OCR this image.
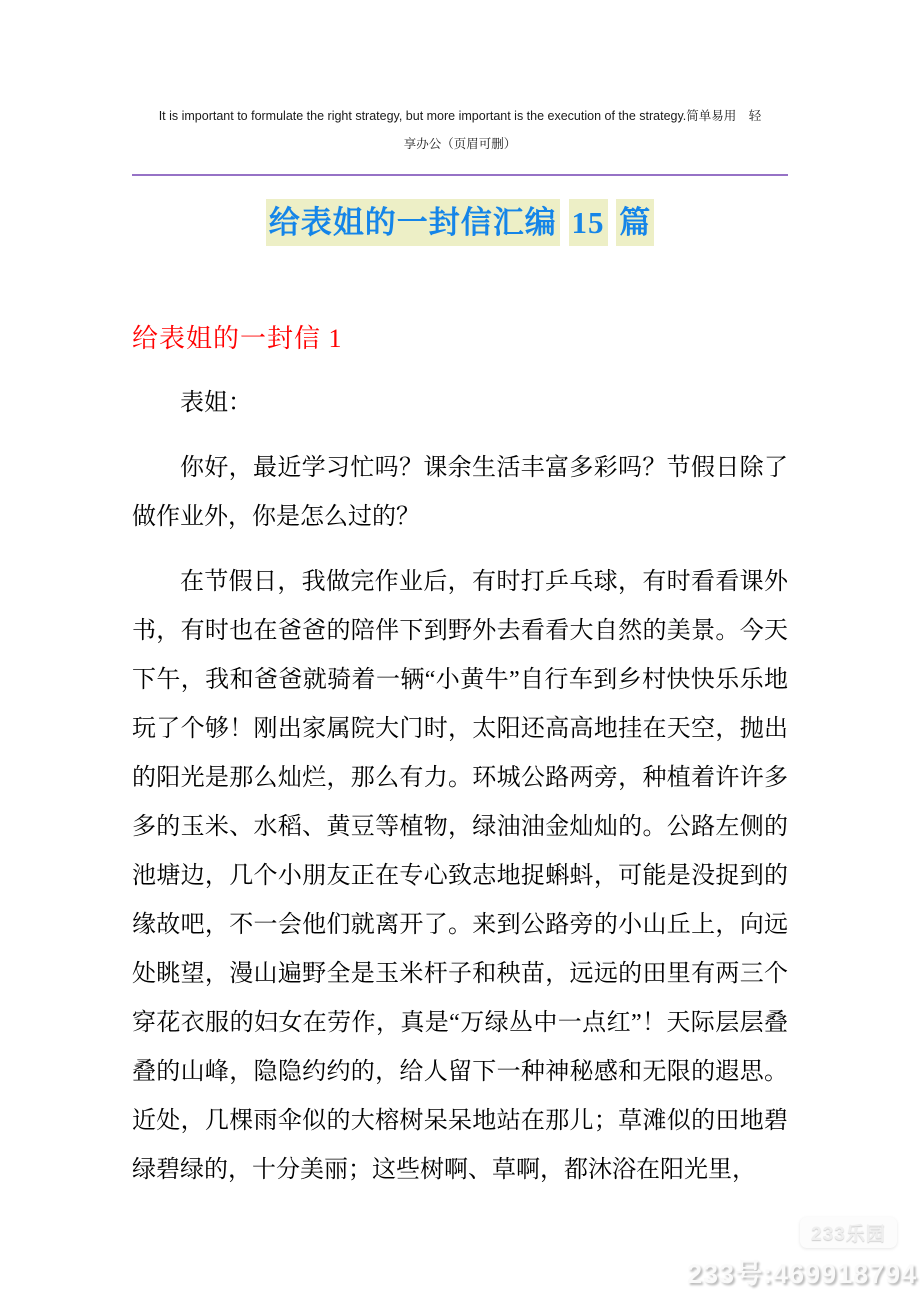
It is important to formulate the right strategy, but more important is the execution of the strategy.简单易用　轻
享办公（页眉可删）
给表姐的一封信汇编 15 篇
给表姐的一封信 1

表姐：

你好，最近学习忙吗？课余生活丰富多彩吗？节假日除了做作业外，你是怎么过的？

在节假日，我做完作业后，有时打乒乓球，有时看看课外书，有时也在爸爸的陪伴下到野外去看看大自然的美景。今天下午，我和爸爸就骑着一辆“小黄牛”自行车到乡村快快乐乐地玩了个够！刚出家属院大门时，太阳还高高地挂在天空，抛出的阳光是那么灿烂，那么有力。环城公路两旁，种植着许许多多的玉米、水稻、黄豆等植物，绿油油金灿灿的。公路左侧的池塘边，几个小朋友正在专心致志地捉蝌蚪，可能是没捉到的缘故吧，不一会他们就离开了。来到公路旁的小山丘上，向远处眺望，漫山遍野全是玉米杆子和秧苗，远远的田里有两三个穿花衣服的妇女在劳作，真是“万绿丛中一点红”！天际层层叠叠的山峰，隐隐约约的，给人留下一种神秘感和无限的遐思。近处，几棵雨伞似的大榕树呆呆地站在那儿；草滩似的田地碧绿碧绿的，十分美丽；这些树啊、草啊，都沐浴在阳光里，

233乐园
233号:469918794
